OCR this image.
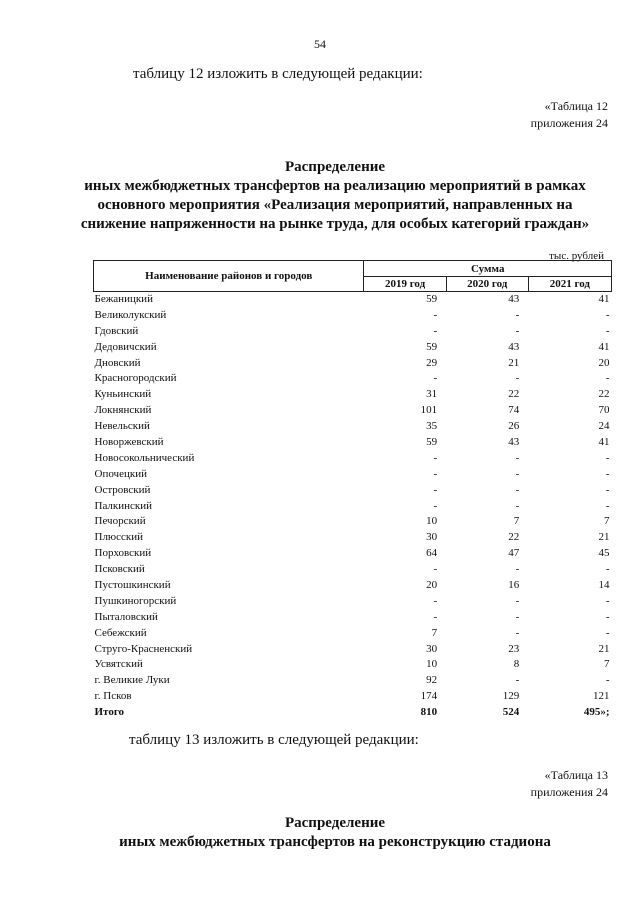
54
таблицу 12 изложить в следующей редакции:
«Таблица 12
приложения 24
Распределение
иных межбюджетных трансфертов на реализацию мероприятий в рамках
основного мероприятия «Реализация мероприятий, направленных на
снижение напряженности на рынке труда, для особых категорий граждан»
тыс. рублей
Наименование районов и городов	Сумма		
	2019 год	2020 год	2021 год
Бежаницкий	59	43	41
Великолукский	-	-	-
Гдовский	-	-	-
Дедовичский	59	43	41
Дновский	29	21	20
Красногородский	-	-	-
Куньинский	31	22	22
Локнянский	101	74	70
Невельский	35	26	24
Новоржевский	59	43	41
Новосокольнический	-	-	-
Опочецкий	-	-	-
Островский	-	-	-
Палкинский	-	-	-
Печорский	10	7	7
Плюсский	30	22	21
Порховский	64	47	45
Псковский	-	-	-
Пустошкинский	20	16	14
Пушкиногорский	-	-	-
Пыталовский	-	-	-
Себежский	7	-	-
Струго-Красненский	30	23	21
Усвятский	10	8	7
г. Великие Луки	92	-	-
г. Псков	174	129	121
Итого	810	524	495»;
таблицу 13 изложить в следующей редакции:
«Таблица 13
приложения 24
Распределение
иных межбюджетных трансфертов на реконструкцию стадиона
